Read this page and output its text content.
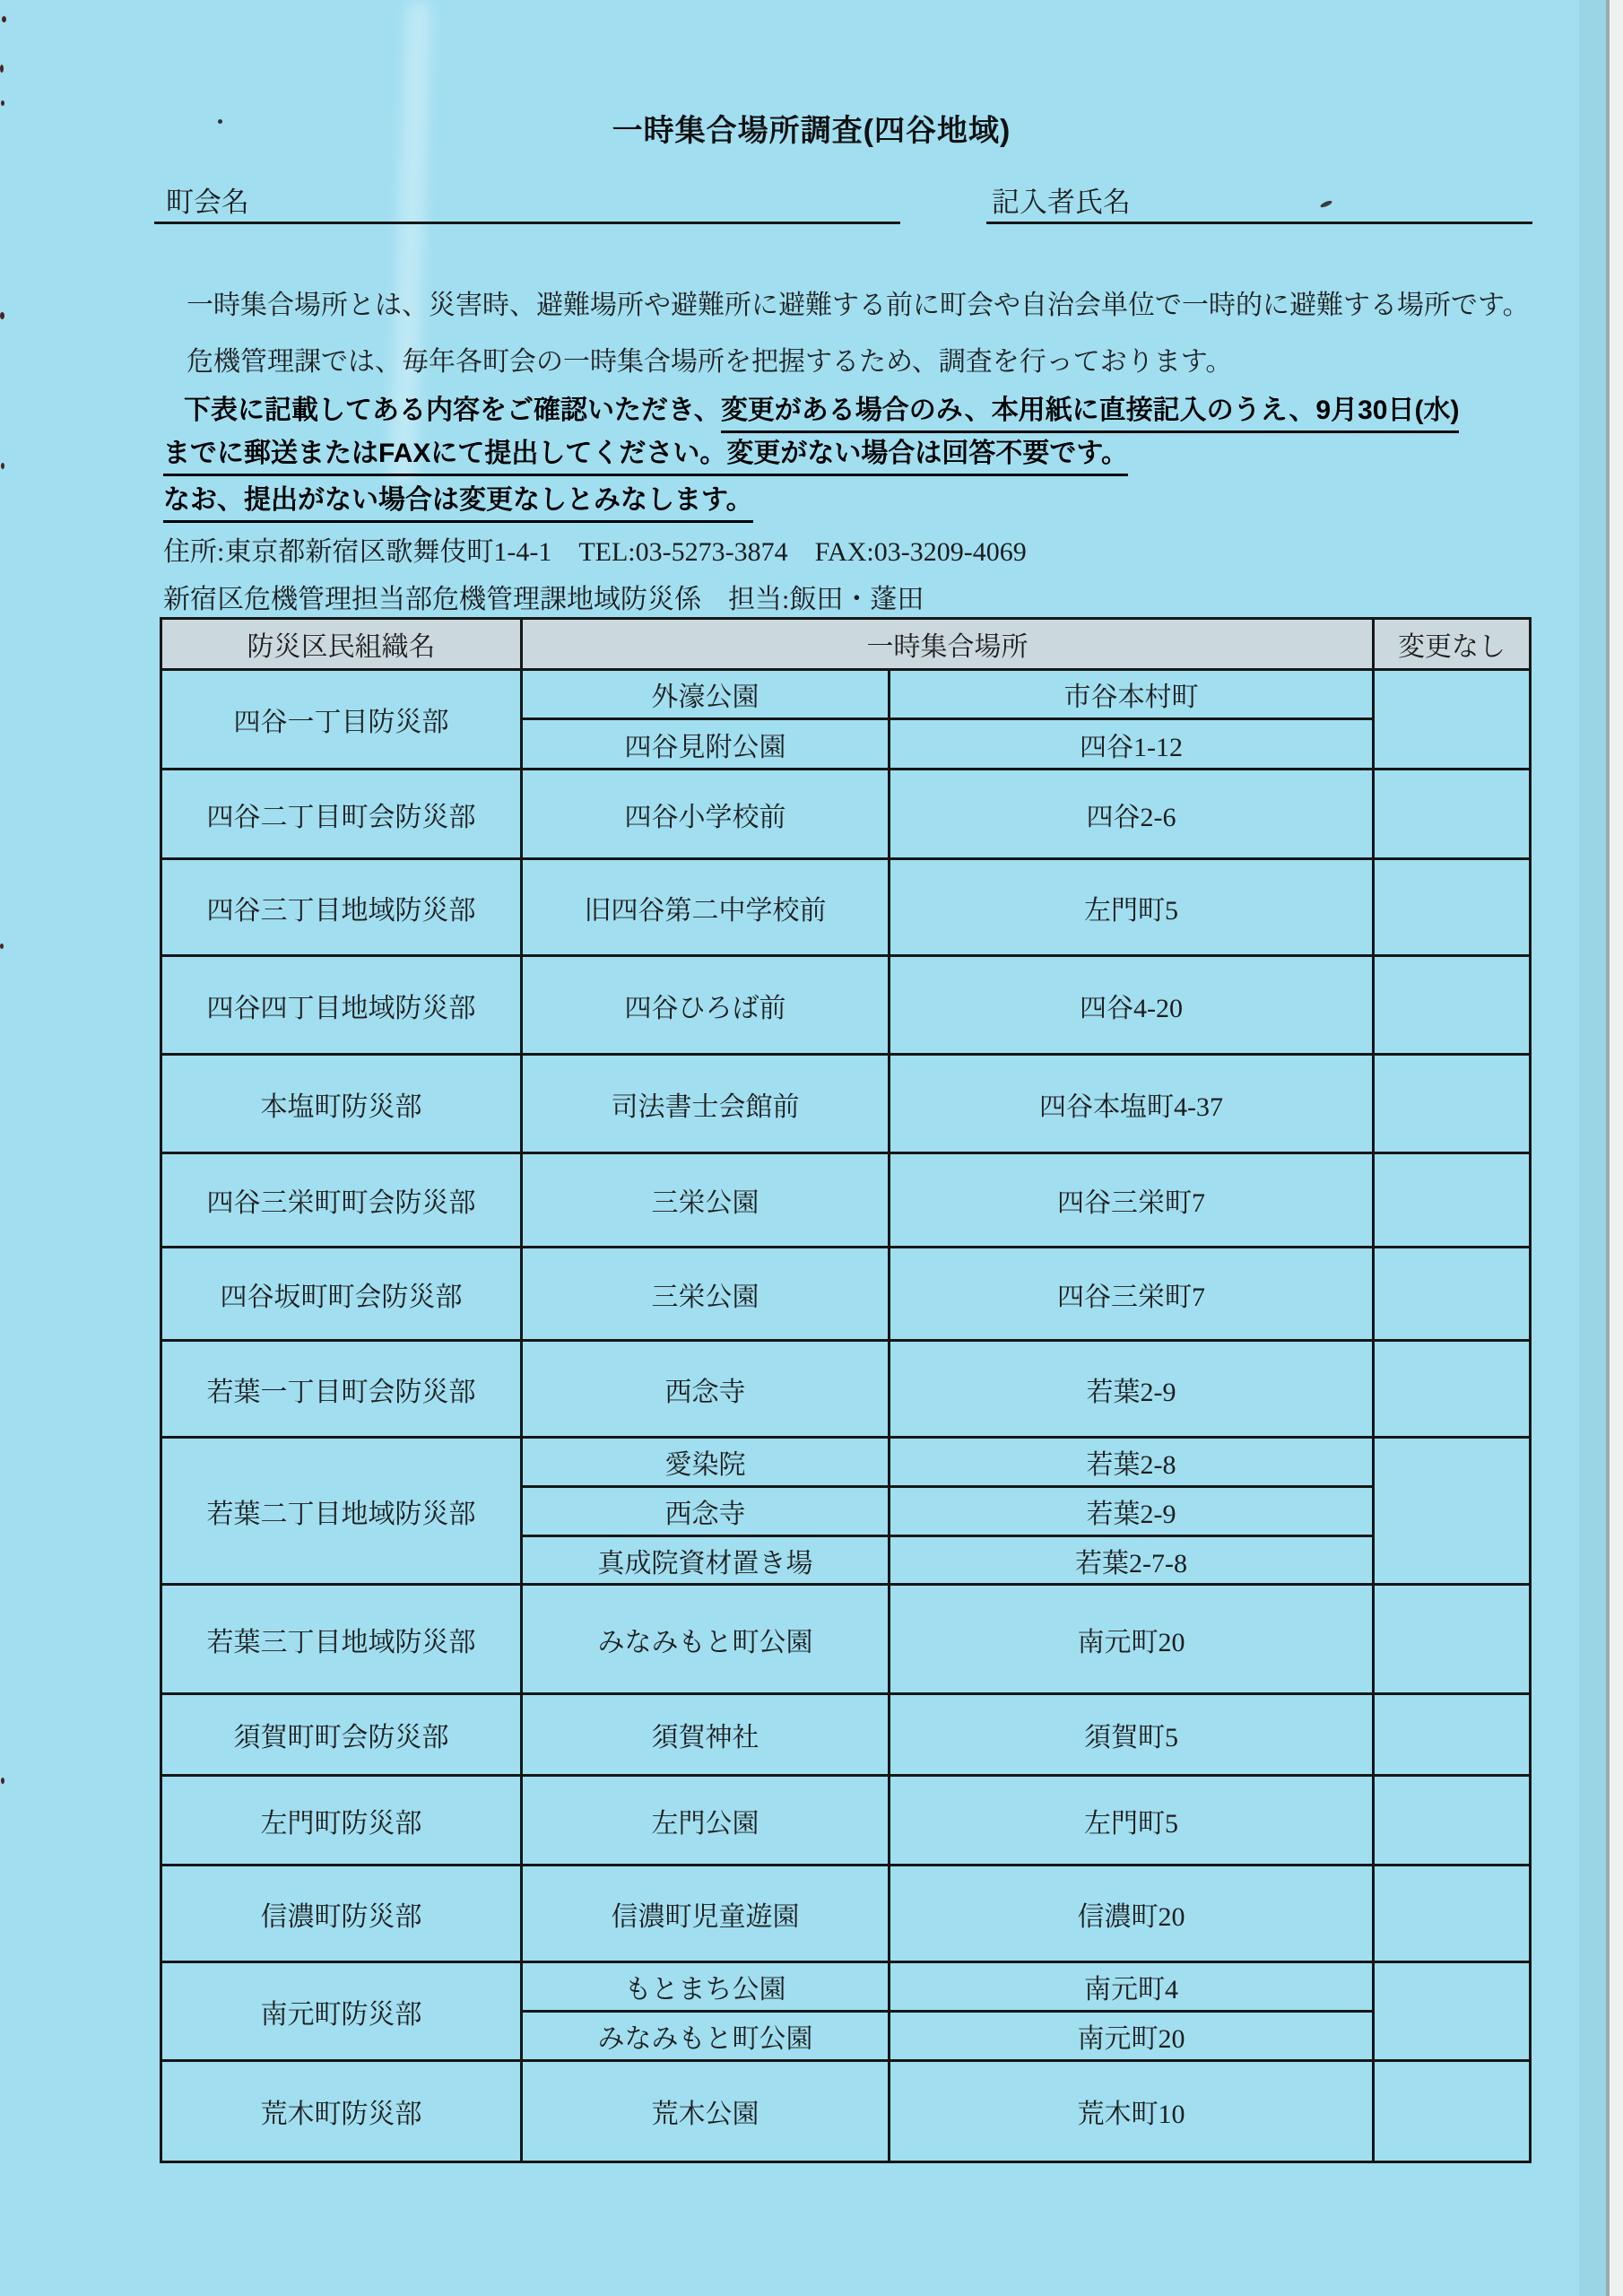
一時集合場所調査(四谷地域)
町会名	記入者氏名
一時集合場所とは、災害時、避難場所や避難所に避難する前に町会や自治会単位で一時的に避難する場所です。
危機管理課では、毎年各町会の一時集合場所を把握するため、調査を行っております。
下表に記載してある内容をご確認いただき、変更がある場合のみ、本用紙に直接記入のうえ、9月30日(水)
までに郵送またはFAXにて提出してください。変更がない場合は回答不要です。
なお、提出がない場合は変更なしとみなします。
住所:東京都新宿区歌舞伎町1-4-1　TEL:03-5273-3874　FAX:03-3209-4069
新宿区危機管理担当部危機管理課地域防災係　担当:飯田・蓬田
防災区民組織名	一時集合場所		変更なし
四谷一丁目防災部	外濠公園	市谷本村町	
	四谷見附公園	四谷1-12	
四谷二丁目町会防災部	四谷小学校前	四谷2-6	
四谷三丁目地域防災部	旧四谷第二中学校前	左門町5	
四谷四丁目地域防災部	四谷ひろば前	四谷4-20	
本塩町防災部	司法書士会館前	四谷本塩町4-37	
四谷三栄町町会防災部	三栄公園	四谷三栄町7	
四谷坂町町会防災部	三栄公園	四谷三栄町7	
若葉一丁目町会防災部	西念寺	若葉2-9	
若葉二丁目地域防災部	愛染院	若葉2-8	
	西念寺	若葉2-9	
	真成院資材置き場	若葉2-7-8	
若葉三丁目地域防災部	みなみもと町公園	南元町20	
須賀町町会防災部	須賀神社	須賀町5	
左門町防災部	左門公園	左門町5	
信濃町防災部	信濃町児童遊園	信濃町20	
南元町防災部	もとまち公園	南元町4	
	みなみもと町公園	南元町20	
荒木町防災部	荒木公園	荒木町10	
